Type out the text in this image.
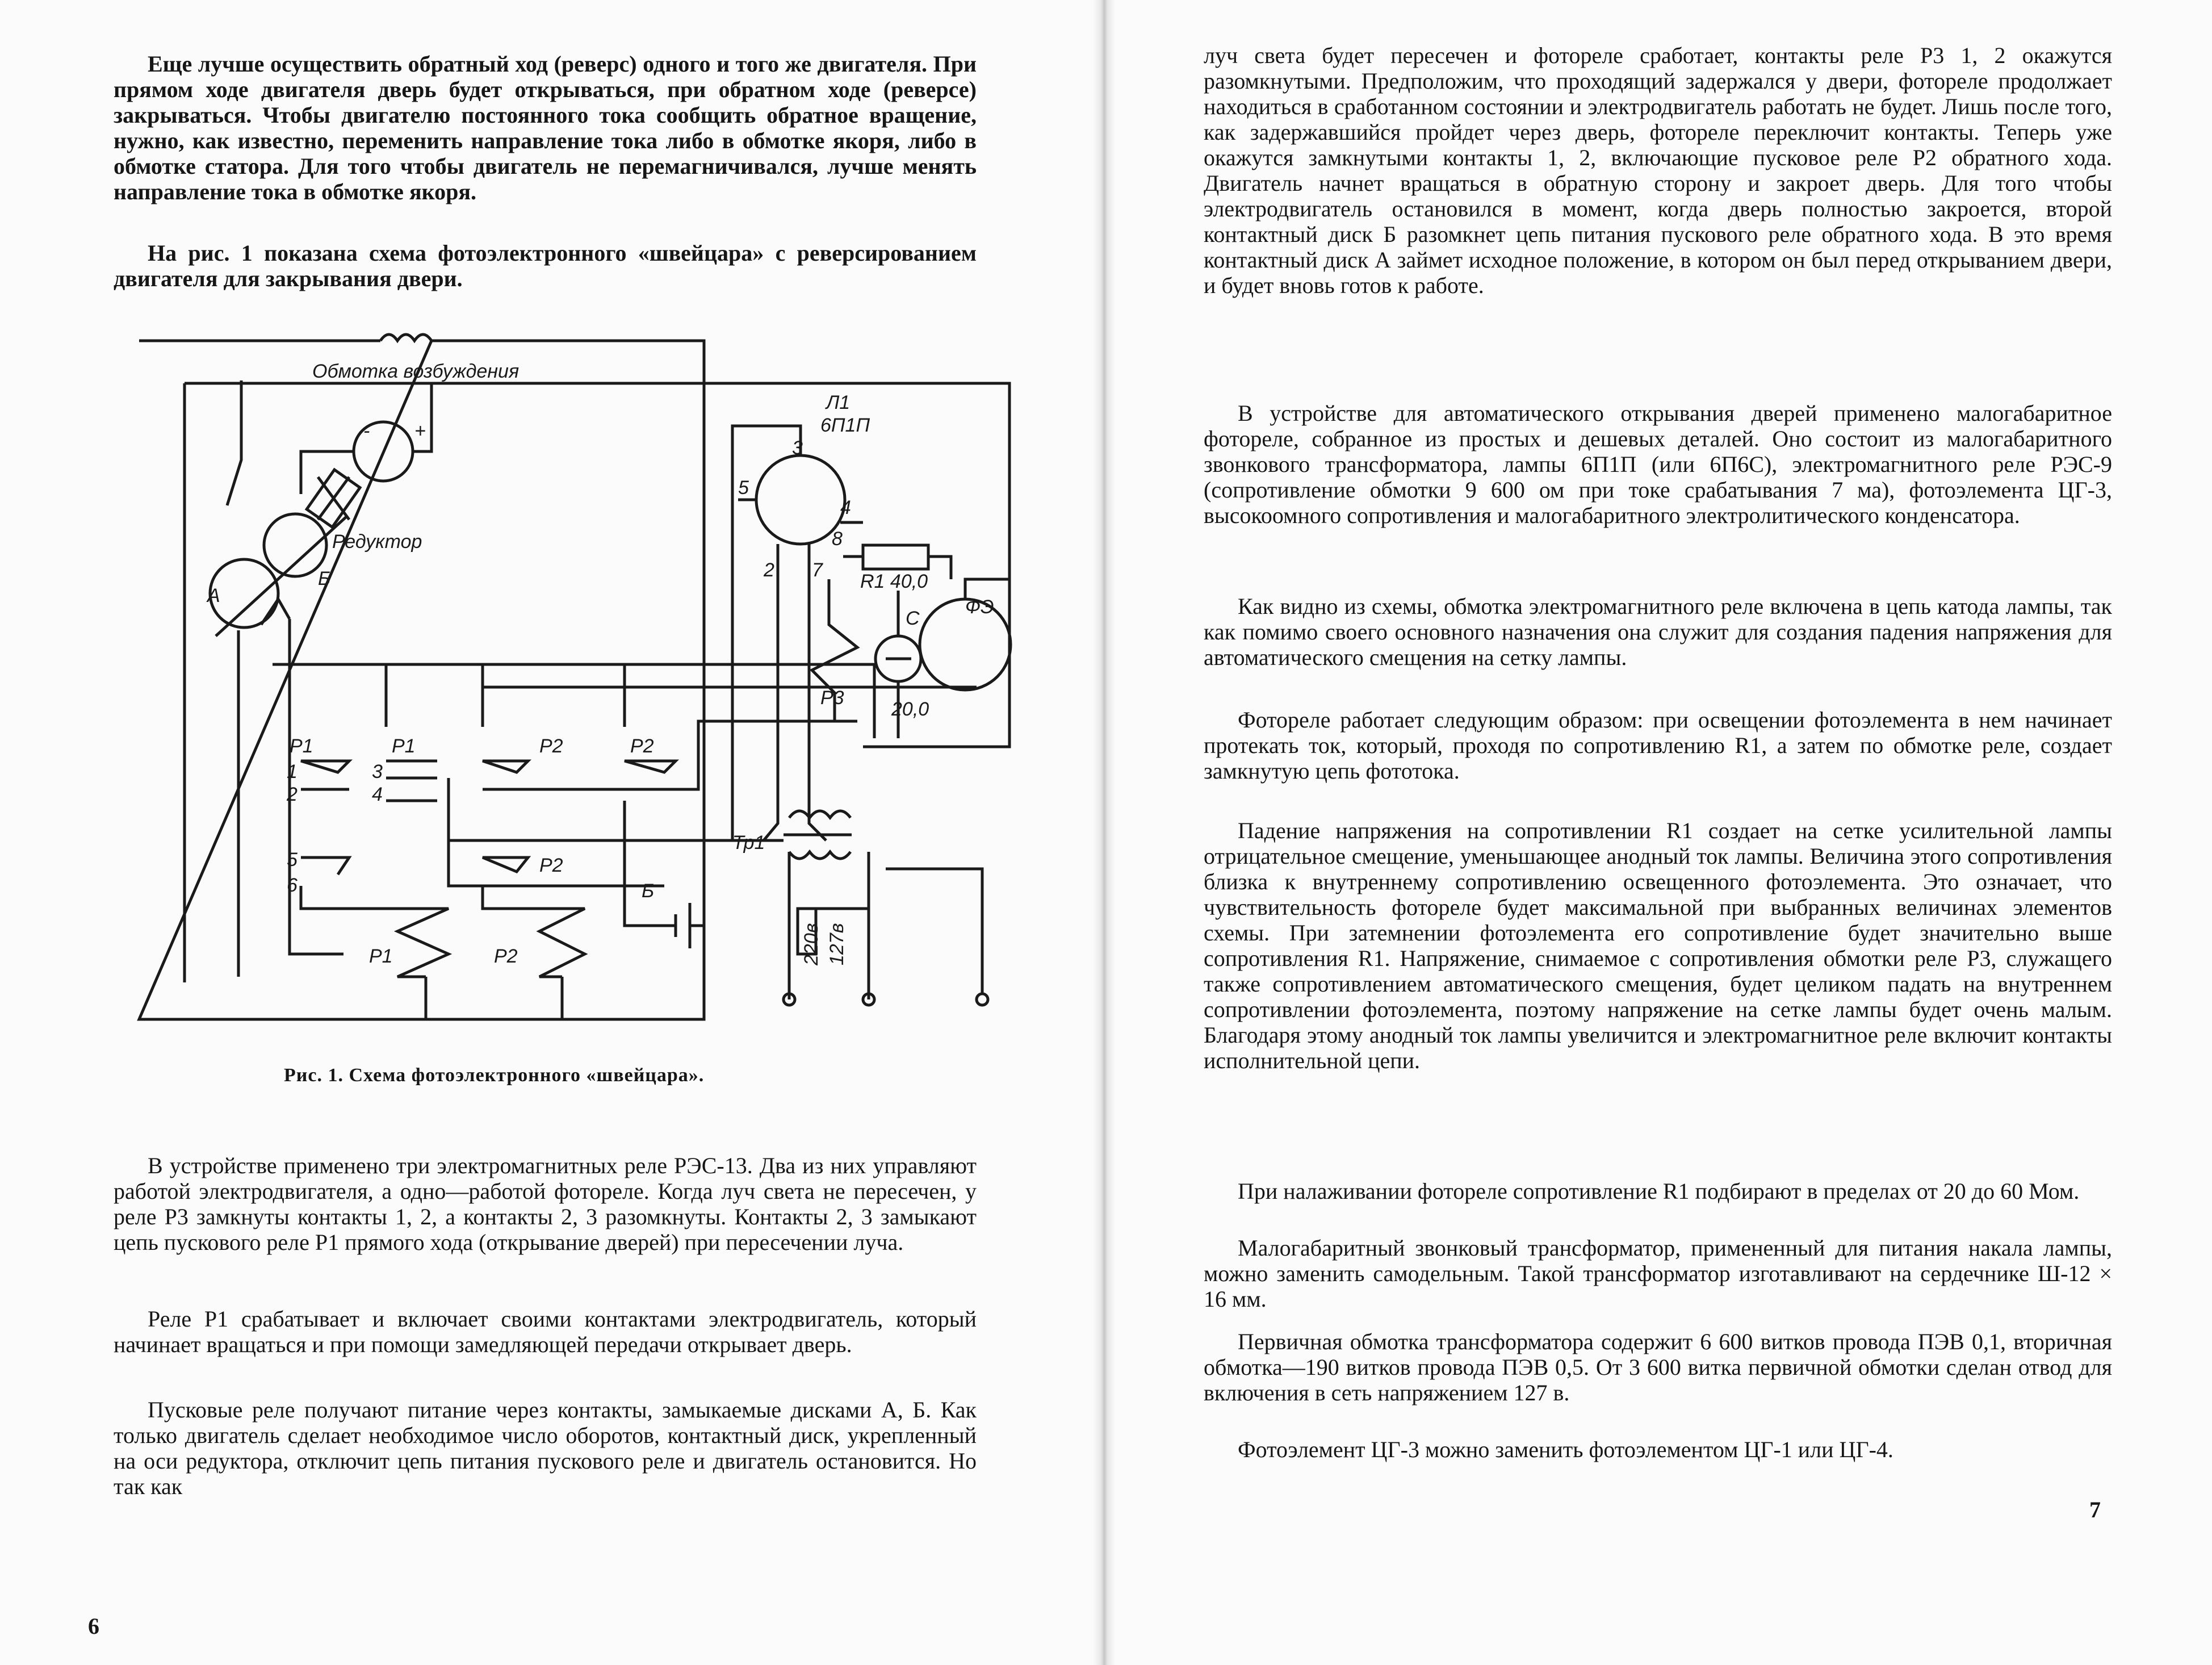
Еще лучше осуществить обратный ход (реверс) одного и того же двигателя. При прямом ходе двигателя дверь будет открываться, при обратном ходе (реверсе) закрываться. Чтобы двигателю постоянного тока сообщить обратное вращение, нужно, как известно, переменить направление тока либо в обмотке якоря, либо в обмотке статора. Для того чтобы двигатель не перемагничивался, лучше менять направление тока в обмотке якоря.

На рис. 1 показана схема фотоэлектронного «швейцара» с реверсированием двигателя для закрывания двери.

Обмотка возбуждения
Редуктор
Л1
6П1П
R1 40,0
С
ФЭ
Р3
20,0
Р1	Р1	Р2	Р2
Р2
Р1	Р2
Тр1
220в 127в
А
Б
Б
3
5
4
8
2 7
1
2
3
4
5
6
- +
Рис. 1. Схема фотоэлектронного «швейцара».

В устройстве применено три электромагнитных реле РЭС-13. Два из них управляют работой электродвигателя, а одно—работой фотореле. Когда луч света не пересечен, у реле Р3 замкнуты контакты 1, 2, а контакты 2, 3 разомкнуты. Контакты 2, 3 замыкают цепь пускового реле Р1 прямого хода (открывание дверей) при пересечении луча.

Реле Р1 срабатывает и включает своими контактами электродвигатель, который начинает вращаться и при помощи замедляющей передачи открывает дверь.

Пусковые реле получают питание через контакты, замыкаемые дисками А, Б. Как только двигатель сделает необходимое число оборотов, контактный диск, укрепленный на оси редуктора, отключит цепь питания пускового реле и двигатель остановится. Но так как

6

луч света будет пересечен и фотореле сработает, контакты реле Р3 1, 2 окажутся разомкнутыми. Предположим, что проходящий задержался у двери, фотореле продолжает находиться в сработанном состоянии и электродвигатель работать не будет. Лишь после того, как задержавшийся пройдет через дверь, фотореле переключит контакты. Теперь уже окажутся замкнутыми контакты 1, 2, включающие пусковое реле Р2 обратного хода. Двигатель начнет вращаться в обратную сторону и закроет дверь. Для того чтобы электродвигатель остановился в момент, когда дверь полностью закроется, второй контактный диск Б разомкнет цепь питания пускового реле обратного хода. В это время контактный диск А займет исходное положение, в котором он был перед открыванием двери, и будет вновь готов к работе.

В устройстве для автоматического открывания дверей применено малогабаритное фотореле, собранное из простых и дешевых деталей. Оно состоит из малогабаритного звонкового трансформатора, лампы 6П1П (или 6П6С), электромагнитного реле РЭС-9 (сопротивление обмотки 9 600 ом при токе срабатывания 7 ма), фотоэлемента ЦГ-3, высокоомного сопротивления и малогабаритного электролитического конденсатора.

Как видно из схемы, обмотка электромагнитного реле включена в цепь катода лампы, так как помимо своего основного назначения она служит для создания падения напряжения для автоматического смещения на сетку лампы.

Фотореле работает следующим образом: при освещении фотоэлемента в нем начинает протекать ток, который, проходя по сопротивлению R1, а затем по обмотке реле, создает замкнутую цепь фототока.

Падение напряжения на сопротивлении R1 создает на сетке усилительной лампы отрицательное смещение, уменьшающее анодный ток лампы. Величина этого сопротивления близка к внутреннему сопротивлению освещенного фотоэлемента. Это означает, что чувствительность фотореле будет максимальной при выбранных величинах элементов схемы. При затемнении фотоэлемента его сопротивление будет значительно выше сопротивления R1. Напряжение, снимаемое с сопротивления обмотки реле Р3, служащего также сопротивлением автоматического смещения, будет целиком падать на внутреннем сопротивлении фотоэлемента, поэтому напряжение на сетке лампы будет очень малым. Благодаря этому анодный ток лампы увеличится и электромагнитное реле включит контакты исполнительной цепи.

При налаживании фотореле сопротивление R1 подбирают в пределах от 20 до 60 Мом.

Малогабаритный звонковый трансформатор, примененный для питания накала лампы, можно заменить самодельным. Такой трансформатор изготавливают на сердечнике Ш-12 × 16 мм.

Первичная обмотка трансформатора содержит 6 600 витков провода ПЭВ 0,1, вторичная обмотка—190 витков провода ПЭВ 0,5. От 3 600 витка первичной обмотки сделан отвод для включения в сеть напряжением 127 в.

Фотоэлемент ЦГ-3 можно заменить фотоэлементом ЦГ-1 или ЦГ-4.

7
